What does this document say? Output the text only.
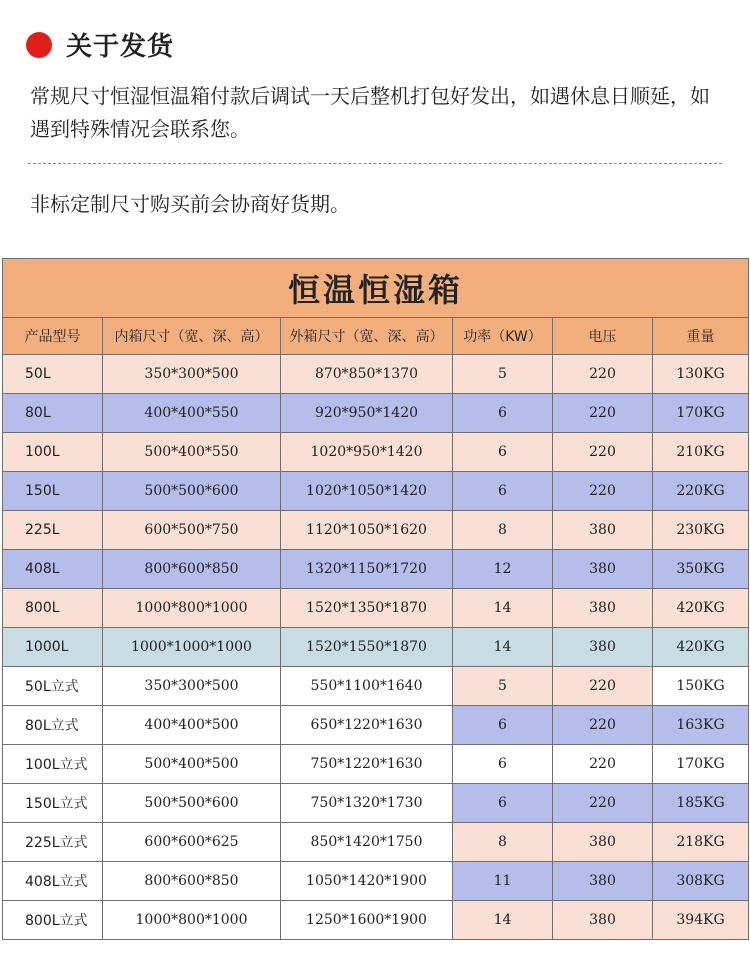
关于发货
常规尺寸恒湿恒温箱付款后调试一天后整机打包好发出，如遇休息日顺延，如遇到特殊情况会联系您。
非标定制尺寸购买前会协商好货期。
恒温恒湿箱					
产品型号	内箱尺寸（宽、深、高）	外箱尺寸（宽、深、高）	功率（KW）	电压	重量
50L	350*300*500	870*850*1370	5	220	130KG
80L	400*400*550	920*950*1420	6	220	170KG
100L	500*400*550	1020*950*1420	6	220	210KG
150L	500*500*600	1020*1050*1420	6	220	220KG
225L	600*500*750	1120*1050*1620	8	380	230KG
408L	800*600*850	1320*1150*1720	12	380	350KG
800L	1000*800*1000	1520*1350*1870	14	380	420KG
1000L	1000*1000*1000	1520*1550*1870	14	380	420KG
50L立式	350*300*500	550*1100*1640	5	220	150KG
80L立式	400*400*500	650*1220*1630	6	220	163KG
100L立式	500*400*500	750*1220*1630	6	220	170KG
150L立式	500*500*600	750*1320*1730	6	220	185KG
225L立式	600*600*625	850*1420*1750	8	380	218KG
408L立式	800*600*850	1050*1420*1900	11	380	308KG
800L立式	1000*800*1000	1250*1600*1900	14	380	394KG
